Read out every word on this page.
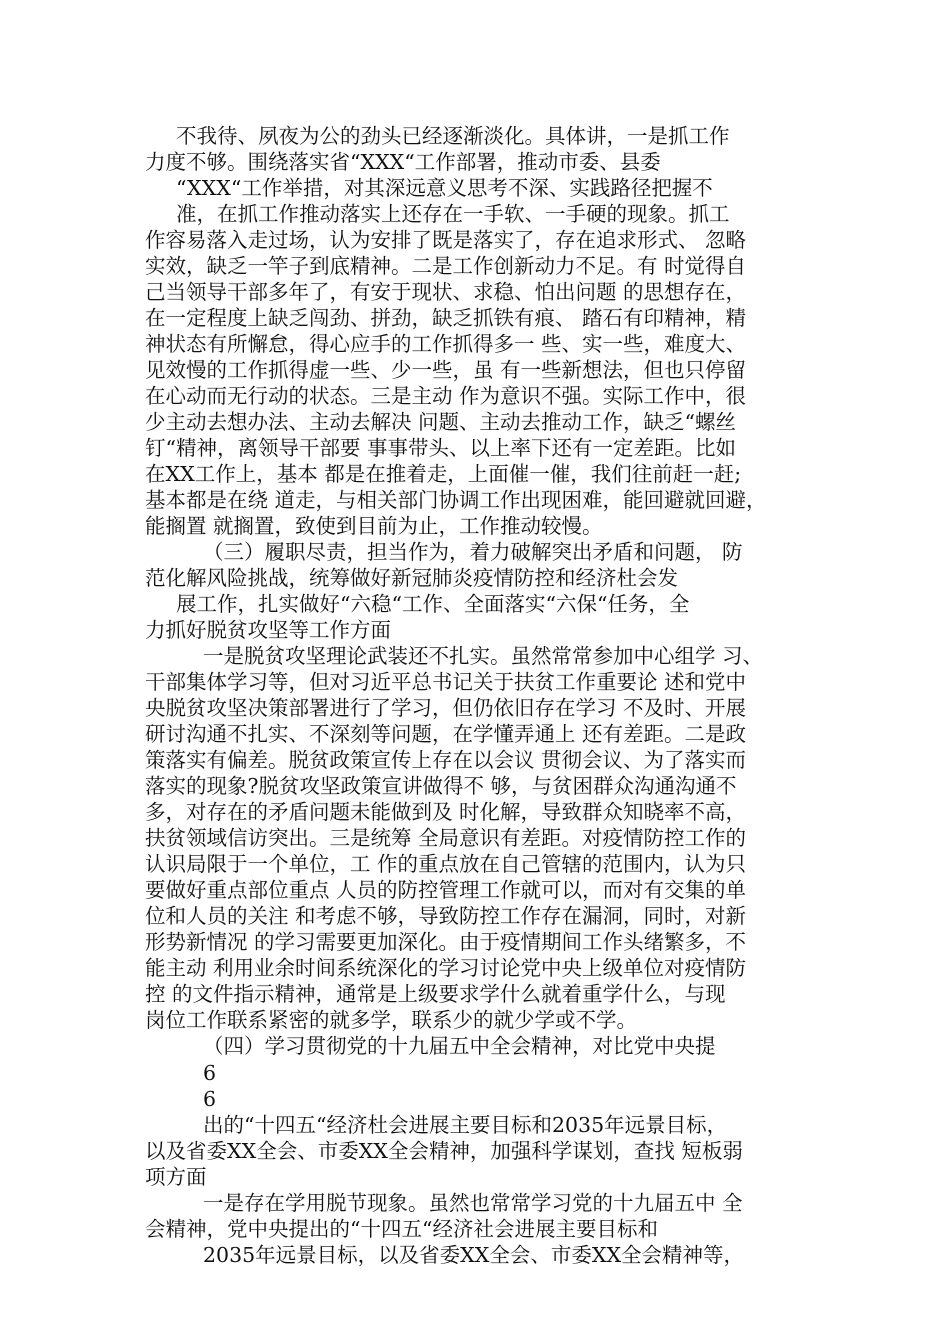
不我待、夙夜为公的劲头已经逐渐淡化。具体讲，一是抓工作

力度不够。围绕落实省“XXX“工作部署，推动市委、县委

“XXX“工作举措，对其深远意义思考不深、实践路径把握不

准，在抓工作推动落实上还存在一手软、一手硬的现象。抓工

作容易落入走过场，认为安排了既是落实了，存在追求形式、 忽略

实效，缺乏一竿子到底精神。二是工作创新动力不足。有 时觉得自

己当领导干部多年了，有安于现状、求稳、怕出问题 的思想存在，

在一定程度上缺乏闯劲、拼劲，缺乏抓铁有痕、 踏石有印精神，精

神状态有所懈怠，得心应手的工作抓得多一 些、实一些，难度大、

见效慢的工作抓得虚一些、少一些，虽 有一些新想法，但也只停留

在心动而无行动的状态。三是主动 作为意识不强。实际工作中，很

少主动去想办法、主动去解决 问题、主动去推动工作，缺乏“螺丝

钉“精神，离领导干部要 事事带头、以上率下还有一定差距。比如

在XX工作上，基本 都是在推着走，上面催一催，我们往前赶一赶;

基本都是在绕 道走，与相关部门协调工作出现困难，能回避就回避，

能搁置 就搁置，致使到目前为止，工作推动较慢。

（三）履职尽责，担当作为，着力破解突出矛盾和问题， 防

范化解风险挑战，统筹做好新冠肺炎疫情防控和经济杜会发

展工作，扎实做好“六稳“工作、全面落实“六保“任务，全

力抓好脱贫攻坚等工作方面

一是脱贫攻坚理论武装还不扎实。虽然常常参加中心组学 习、

干部集体学习等，但对习近平总书记关于扶贫工作重要论 述和党中

央脱贫攻坚决策部署进行了学习，但仍依旧存在学习 不及时、开展

研讨沟通不扎实、不深刻等问题，在学懂弄通上 还有差距。二是政

策落实有偏差。脱贫政策宣传上存在以会议 贯彻会议、为了落实而

落实的现象?脱贫攻坚政策宣讲做得不 够，与贫困群众沟通沟通不

多，对存在的矛盾问题未能做到及 时化解，导致群众知晓率不高，

扶贫领域信访突出。三是统筹 全局意识有差距。对疫情防控工作的

认识局限于一个单位，工 作的重点放在自己管辖的范围内，认为只

要做好重点部位重点 人员的防控管理工作就可以，而对有交集的单

位和人员的关注 和考虑不够，导致防控工作存在漏洞，同时，对新

形势新情况 的学习需要更加深化。由于疫情期间工作头绪繁多，不

能主动 利用业余时间系统深化的学习讨论党中央上级单位对疫情防

控 的文件指示精神，通常是上级要求学什么就着重学什么，与现

岗位工作联系紧密的就多学，联系少的就少学或不学。

（四）学习贯彻党的十九届五中全会精神，对比党中央提

6

6

出的“十四五“经济杜会进展主要目标和2035年远景目标，

以及省委XX全会、市委XX全会精神，加强科学谋划，查找 短板弱

项方面

一是存在学用脱节现象。虽然也常常学习党的十九届五中 全

会精神，党中央提出的“十四五“经济社会进展主要目标和

2035年远景目标，以及省委XX全会、市委XX全会精神等，
